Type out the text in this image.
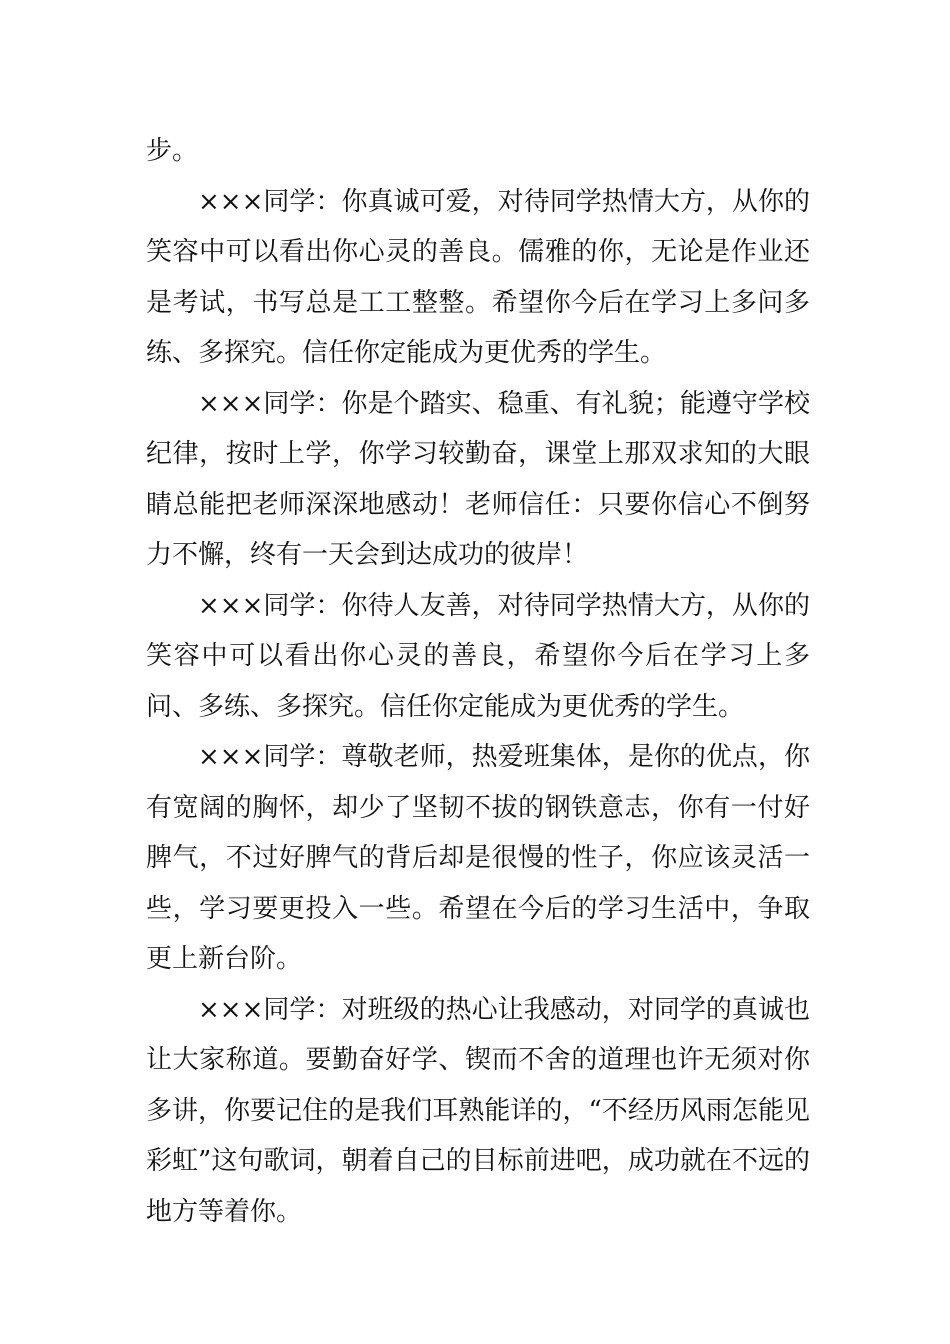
步。

×××同学：你真诚可爱，对待同学热情大方，从你的笑容中可以看出你心灵的善良。儒雅的你，无论是作业还是考试，书写总是工工整整。希望你今后在学习上多问多练、多探究。信任你定能成为更优秀的学生。

×××同学：你是个踏实、稳重、有礼貌；能遵守学校纪律，按时上学，你学习较勤奋，课堂上那双求知的大眼睛总能把老师深深地感动！老师信任：只要你信心不倒努力不懈，终有一天会到达成功的彼岸！

×××同学：你待人友善，对待同学热情大方，从你的笑容中可以看出你心灵的善良，希望你今后在学习上多问、多练、多探究。信任你定能成为更优秀的学生。

×××同学：尊敬老师，热爱班集体，是你的优点，你有宽阔的胸怀，却少了坚韧不拔的钢铁意志，你有一付好脾气，不过好脾气的背后却是很慢的性子，你应该灵活一些，学习要更投入一些。希望在今后的学习生活中，争取更上新台阶。

×××同学：对班级的热心让我感动，对同学的真诚也让大家称道。要勤奋好学、锲而不舍的道理也许无须对你多讲，你要记住的是我们耳熟能详的，“不经历风雨怎能见彩虹”这句歌词，朝着自己的目标前进吧，成功就在不远的地方等着你。
